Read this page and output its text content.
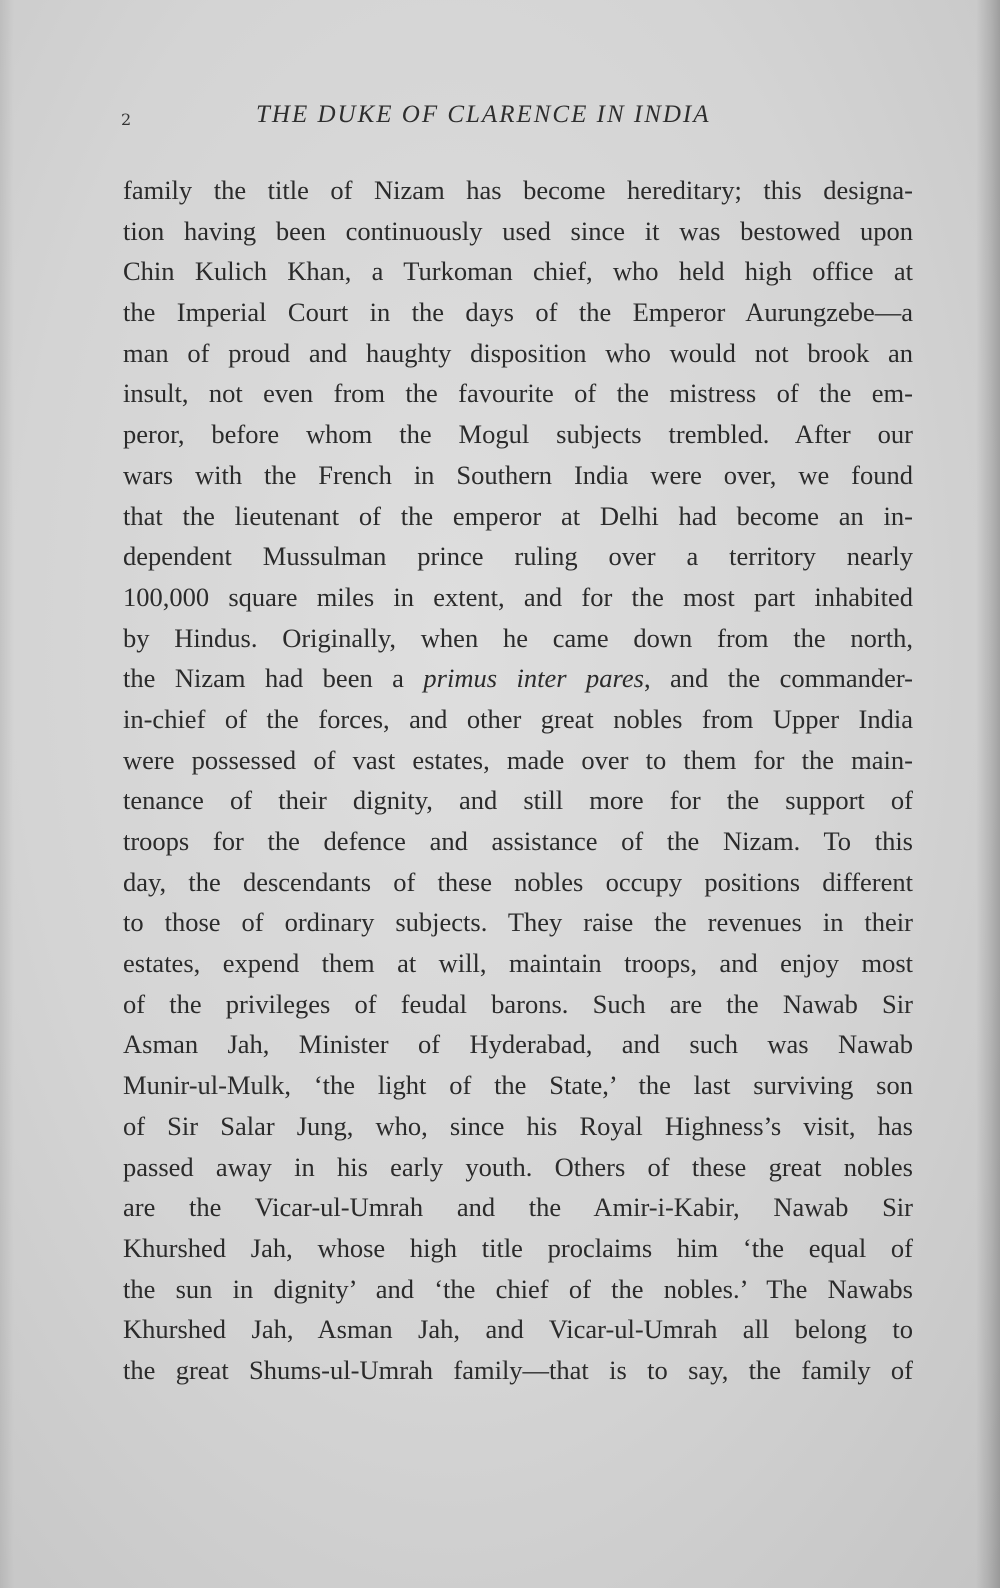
2	THE DUKE OF CLARENCE IN INDIA
family the title of Nizam has become hereditary; this designa-
tion having been continuously used since it was bestowed upon
Chin Kulich Khan, a Turkoman chief, who held high office at
the Imperial Court in the days of the Emperor Aurungzebe—a
man of proud and haughty disposition who would not brook an
insult, not even from the favourite of the mistress of the em-
peror, before whom the Mogul subjects trembled. After our
wars with the French in Southern India were over, we found
that the lieutenant of the emperor at Delhi had become an in-
dependent Mussulman prince ruling over a territory nearly
100,000 square miles in extent, and for the most part inhabited
by Hindus. Originally, when he came down from the north,
the Nizam had been a primus inter pares, and the commander-
in-chief of the forces, and other great nobles from Upper India
were possessed of vast estates, made over to them for the main-
tenance of their dignity, and still more for the support of
troops for the defence and assistance of the Nizam. To this
day, the descendants of these nobles occupy positions different
to those of ordinary subjects. They raise the revenues in their
estates, expend them at will, maintain troops, and enjoy most
of the privileges of feudal barons. Such are the Nawab Sir
Asman Jah, Minister of Hyderabad, and such was Nawab
Munir-ul-Mulk, ‘the light of the State,’ the last surviving son
of Sir Salar Jung, who, since his Royal Highness’s visit, has
passed away in his early youth. Others of these great nobles
are the Vicar-ul-Umrah and the Amir-i-Kabir, Nawab Sir
Khurshed Jah, whose high title proclaims him ‘the equal of
the sun in dignity’ and ‘the chief of the nobles.’ The Nawabs
Khurshed Jah, Asman Jah, and Vicar-ul-Umrah all belong to
the great Shums-ul-Umrah family—that is to say, the family of
